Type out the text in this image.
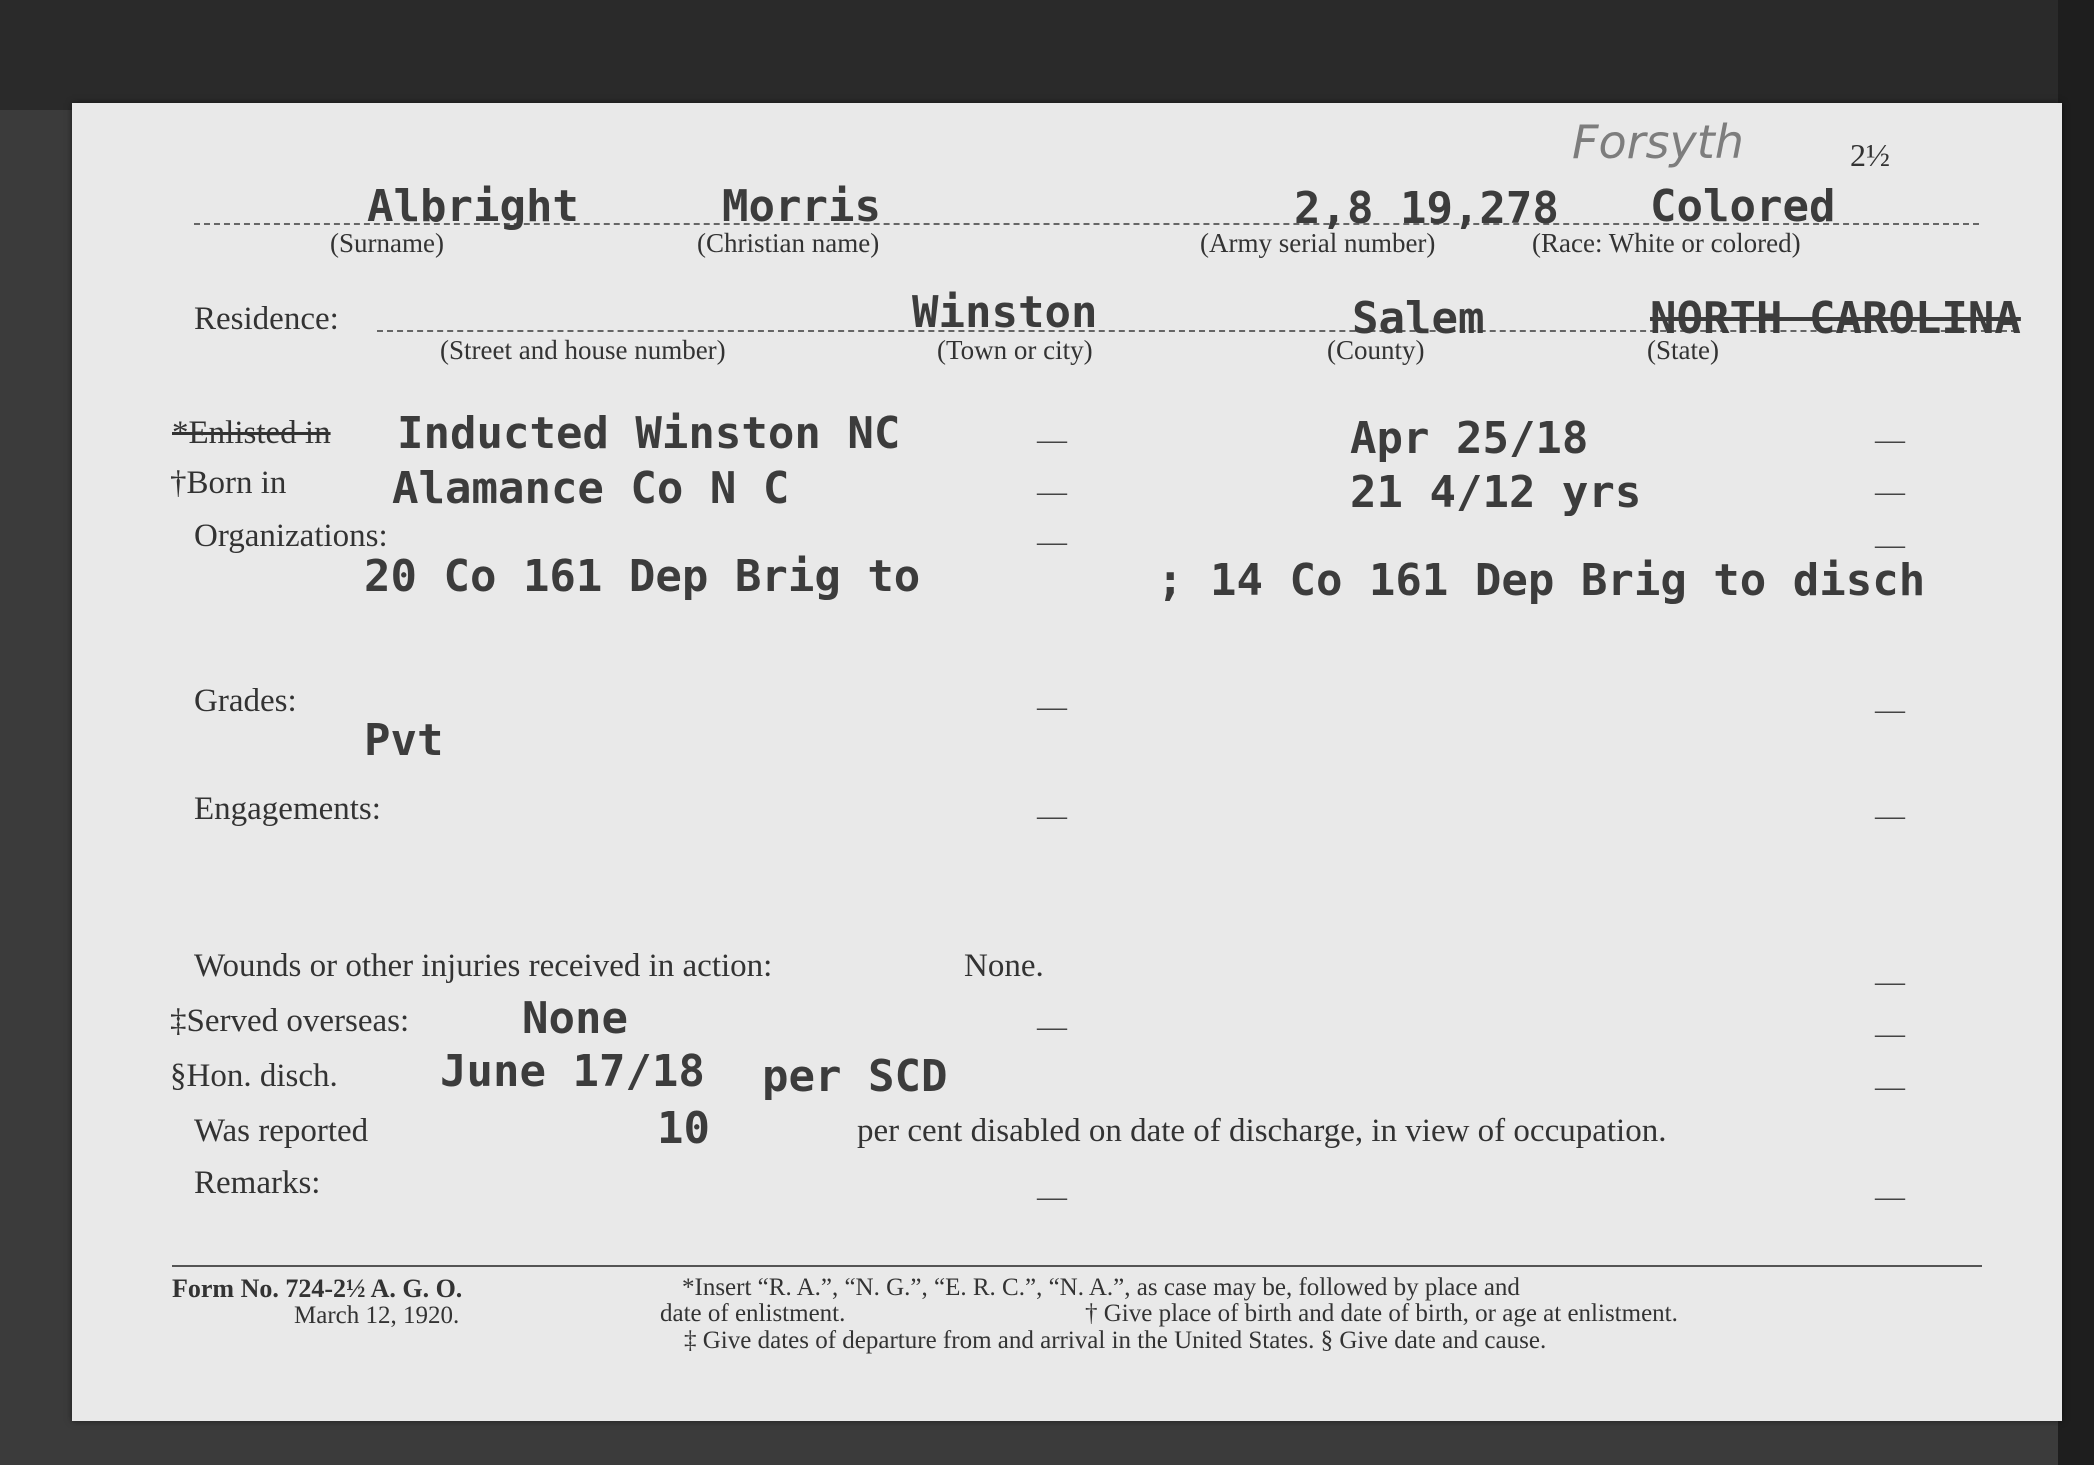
Forsyth	2½
Albright	Morris	2,8 19,278 Colored
(Surname)	(Christian name)	(Army serial number)	(Race: White or colored)
Residence:	Winston	Salem	NORTH CAROLINA
(Street and house number)	(Town or city)	(County)	(State)
*Enlisted in Inducted Winston NC	—	Apr 25/18	—
†Born in Alamance Co N C	—	21 4/12 yrs	—
Organizations:	—	—
20 Co 161 Dep Brig to	; 14 Co 161 Dep Brig to disch
Grades:	—	—
Pvt
Engagements:	—	—
Wounds or other injuries received in action:	None.	—
‡Served overseas:	None	—	—
§Hon. disch. June 17/18 per SCD	—
Was reported	10	per cent disabled on date of discharge, in view of occupation.
Remarks:	—	—
Form No. 724-2½ A. G. O.
March 12, 1920.
*Insert “R. A.”, “N. G.”, “E. R. C.”, “N. A.”, as case may be, followed by place and
date of enlistment.	† Give place of birth and date of birth, or age at enlistment.
‡ Give dates of departure from and arrival in the United States. § Give date and cause.
